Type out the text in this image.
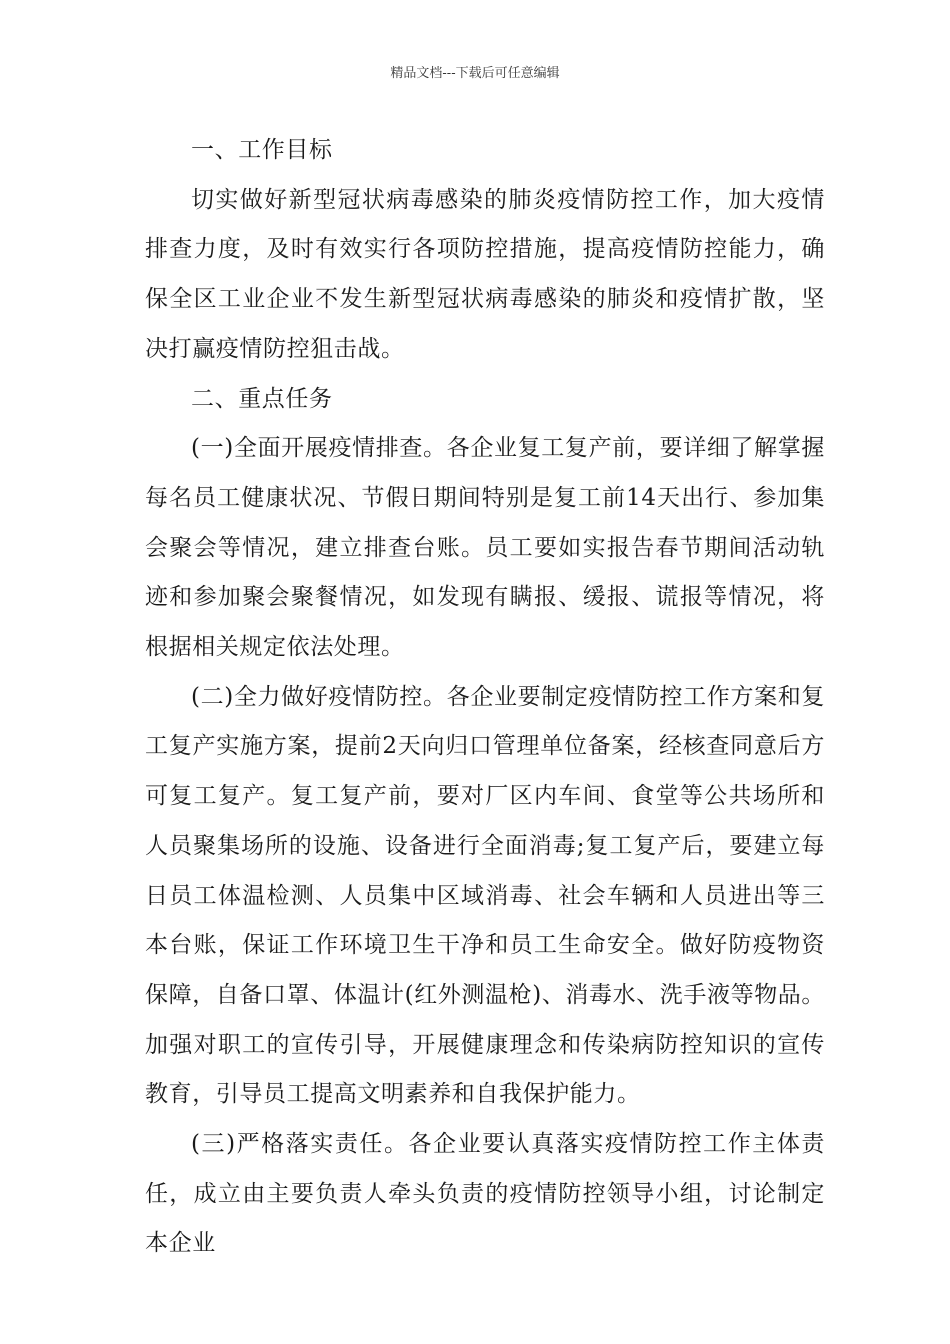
精品文档---下载后可任意编辑

一、工作目标

切实做好新型冠状病毒感染的肺炎疫情防控工作，加大疫情排查力度，及时有效实行各项防控措施，提高疫情防控能力，确保全区工业企业不发生新型冠状病毒感染的肺炎和疫情扩散，坚决打赢疫情防控狙击战。

二、重点任务

(一)全面开展疫情排查。各企业复工复产前，要详细了解掌握每名员工健康状况、节假日期间特别是复工前14天出行、参加集会聚会等情况，建立排查台账。员工要如实报告春节期间活动轨迹和参加聚会聚餐情况，如发现有瞒报、缓报、谎报等情况，将根据相关规定依法处理。

(二)全力做好疫情防控。各企业要制定疫情防控工作方案和复工复产实施方案，提前2天向归口管理单位备案，经核查同意后方可复工复产。复工复产前，要对厂区内车间、食堂等公共场所和人员聚集场所的设施、设备进行全面消毒;复工复产后，要建立每日员工体温检测、人员集中区域消毒、社会车辆和人员进出等三本台账，保证工作环境卫生干净和员工生命安全。做好防疫物资保障，自备口罩、体温计(红外测温枪)、消毒水、洗手液等物品。加强对职工的宣传引导，开展健康理念和传染病防控知识的宣传教育，引导员工提高文明素养和自我保护能力。

(三)严格落实责任。各企业要认真落实疫情防控工作主体责任，成立由主要负责人牵头负责的疫情防控领导小组，讨论制定本企业
